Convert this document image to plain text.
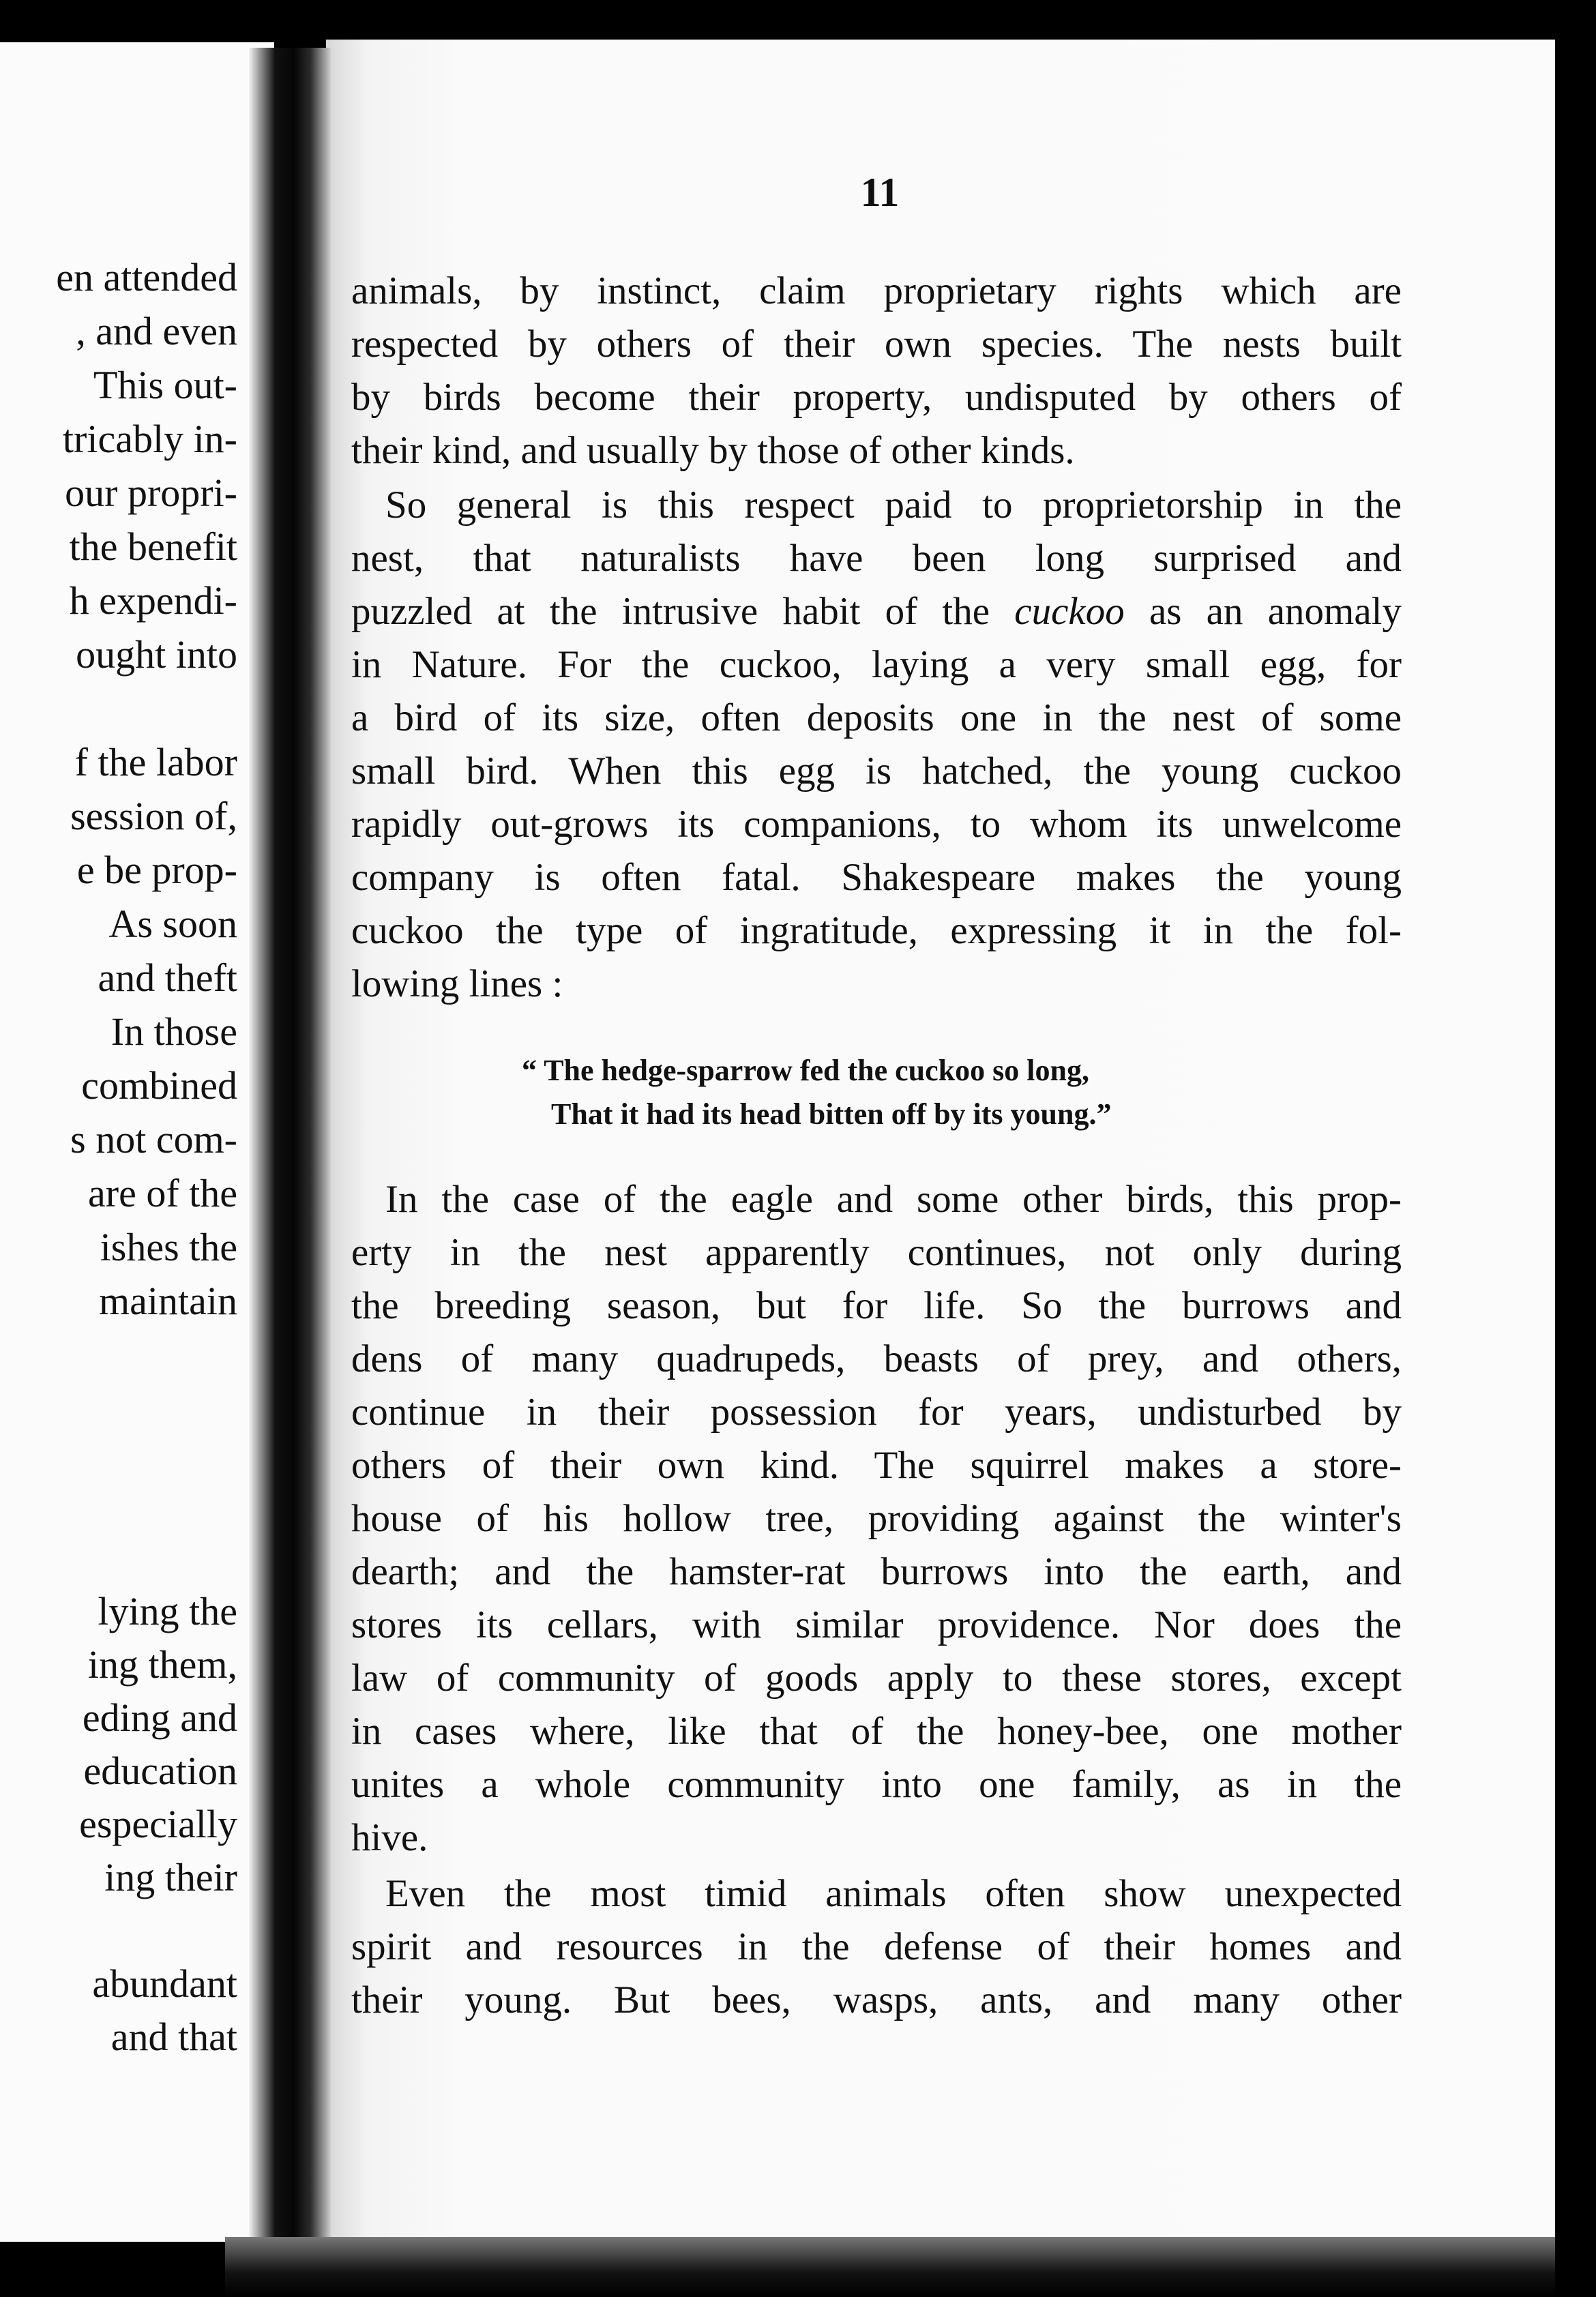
en attended
, and even
This out-
tricably in-
our propri-
the benefit
h expendi-
ought into
f the labor
session of,
e be prop-
As soon
and theft
In those
combined
s not com-
are of the
ishes the
maintain
lying the
ing them,
eding and
education
especially
ing their
abundant
and that
11
animals, by instinct, claim proprietary rights which are
respected by others of their own species. The nests built
by birds become their property, undisputed by others of
their kind, and usually by those of other kinds.
So general is this respect paid to proprietorship in the
nest, that naturalists have been long surprised and
puzzled at the intrusive habit of the cuckoo as an anomaly
in Nature. For the cuckoo, laying a very small egg, for
a bird of its size, often deposits one in the nest of some
small bird. When this egg is hatched, the young cuckoo
rapidly out-grows its companions, to whom its unwelcome
company is often fatal. Shakespeare makes the young
cuckoo the type of ingratitude, expressing it in the fol-
lowing lines :
“ The hedge-sparrow fed the cuckoo so long,
That it had its head bitten off by its young.”
In the case of the eagle and some other birds, this prop-
erty in the nest apparently continues, not only during
the breeding season, but for life. So the burrows and
dens of many quadrupeds, beasts of prey, and others,
continue in their possession for years, undisturbed by
others of their own kind. The squirrel makes a store-
house of his hollow tree, providing against the winter's
dearth; and the hamster-rat burrows into the earth, and
stores its cellars, with similar providence. Nor does the
law of community of goods apply to these stores, except
in cases where, like that of the honey-bee, one mother
unites a whole community into one family, as in the
hive.
Even the most timid animals often show unexpected
spirit and resources in the defense of their homes and
their young. But bees, wasps, ants, and many other
